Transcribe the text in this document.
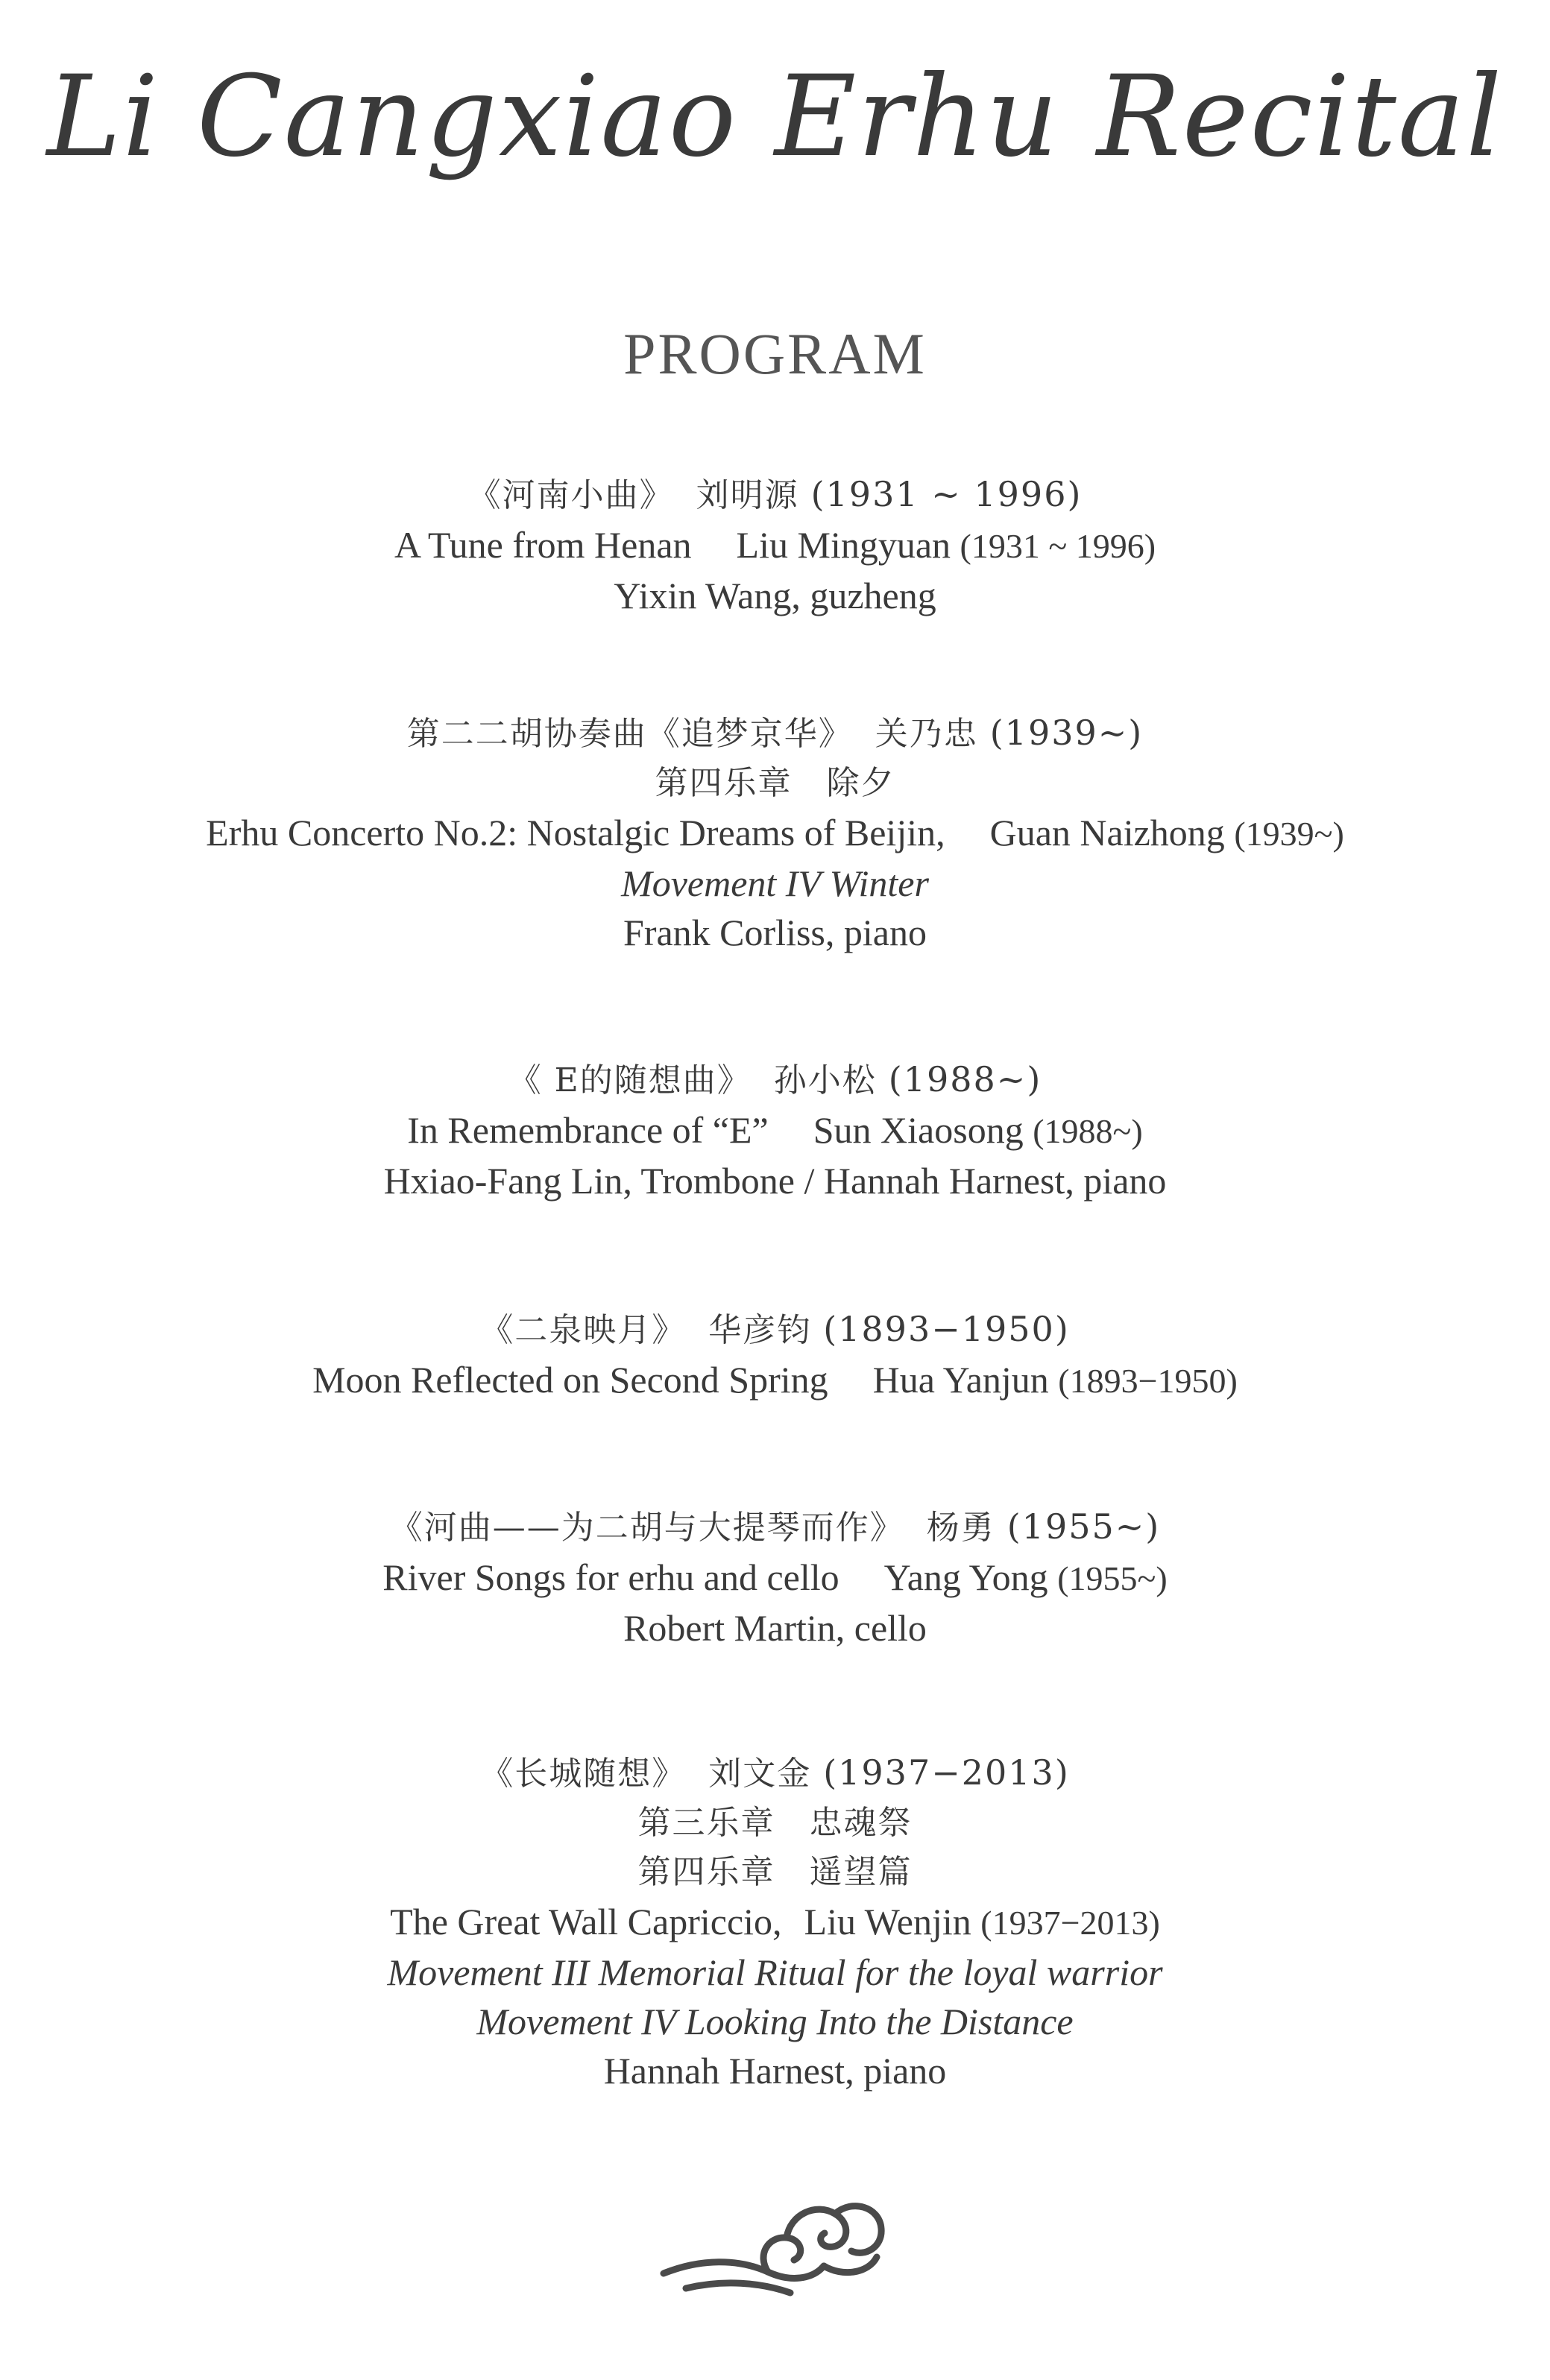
Li Cangxiao Erhu Recital
PROGRAM
《河南小曲》 刘明源 (1931 ~ 1996)
A Tune from Henan Liu Mingyuan (1931 ~ 1996)
Yixin Wang, guzheng
第二二胡协奏曲《追梦京华》 关乃忠 (1939~)
第四乐章　除夕
Erhu Concerto No.2: Nostalgic Dreams of Beijin, Guan Naizhong (1939~)
Movement IV Winter
Frank Corliss, piano
《 E的随想曲》 孙小松 (1988~)
In Remembrance of “E” Sun Xiaosong (1988~)
Hxiao-Fang Lin, Trombone / Hannah Harnest, piano
《二泉映月》 华彦钧 (1893−1950)
Moon Reflected on Second Spring Hua Yanjun (1893−1950)
《河曲——为二胡与大提琴而作》 杨勇 (1955~)
River Songs for erhu and cello Yang Yong (1955~)
Robert Martin, cello
《长城随想》 刘文金 (1937−2013)
第三乐章　忠魂祭
第四乐章　遥望篇
The Great Wall Capriccio, Liu Wenjin (1937−2013)
Movement III Memorial Ritual for the loyal warrior
Movement IV Looking Into the Distance
Hannah Harnest, piano
